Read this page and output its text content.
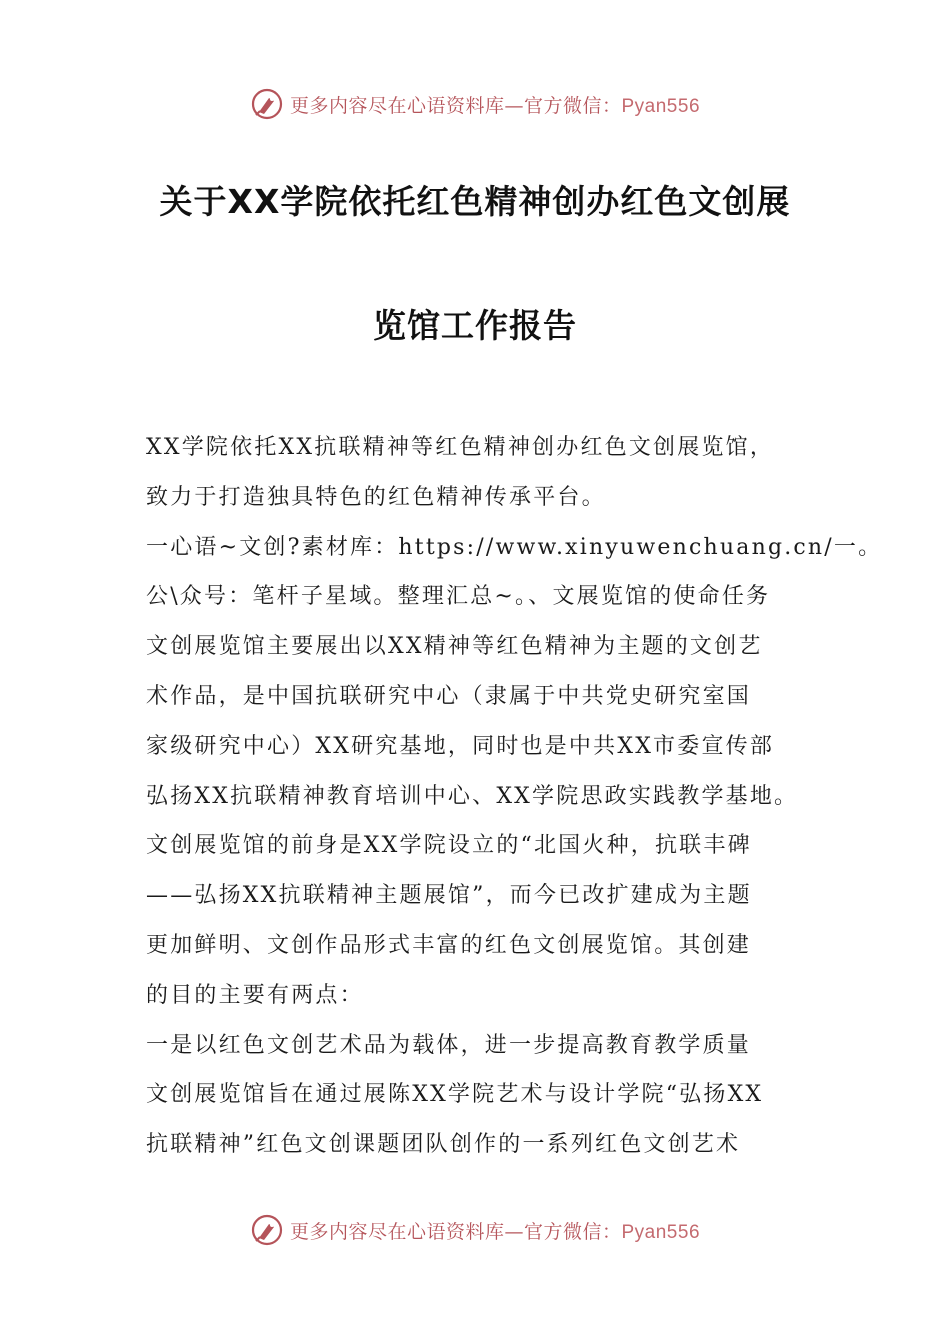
更多内容尽在心语资料库—官方微信：Pyan556
关于XX学院依托红色精神创办红色文创展
览馆工作报告
XX学院依托XX抗联精神等红色精神创办红色文创展览馆，
致力于打造独具特色的红色精神传承平台。
一心语~文创?素材库：https://www.xinyuwenchuang.cn/一。
公\众号：笔杆子星域。整理汇总~。、文展览馆的使命任务
文创展览馆主要展出以XX精神等红色精神为主题的文创艺
术作品，是中国抗联研究中心（隶属于中共党史研究室国
家级研究中心）XX研究基地，同时也是中共XX市委宣传部
弘扬XX抗联精神教育培训中心、XX学院思政实践教学基地。
文创展览馆的前身是XX学院设立的“北国火种，抗联丰碑
——弘扬XX抗联精神主题展馆”，而今已改扩建成为主题
更加鲜明、文创作品形式丰富的红色文创展览馆。其创建
的目的主要有两点：
一是以红色文创艺术品为载体，进一步提高教育教学质量
文创展览馆旨在通过展陈XX学院艺术与设计学院“弘扬XX
抗联精神”红色文创课题团队创作的一系列红色文创艺术
更多内容尽在心语资料库—官方微信：Pyan556
